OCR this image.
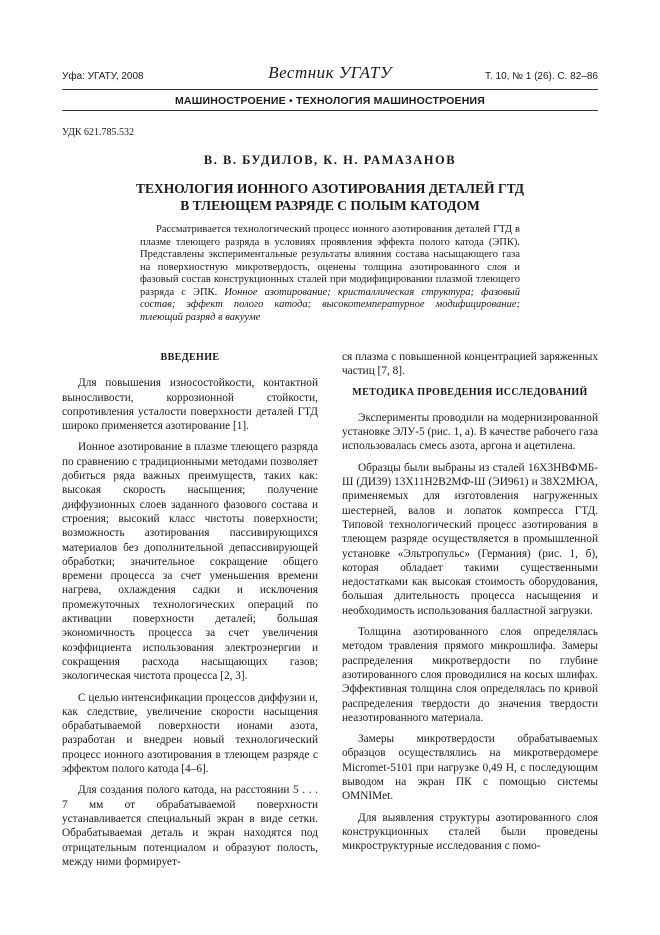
Уфа: УГАТУ, 2008	Вестник УГАТУ	Т. 10, № 1 (26). С. 82–86
МАШИНОСТРОЕНИЕ • ТЕХНОЛОГИЯ МАШИНОСТРОЕНИЯ
УДК 621.785.532
В. В. БУДИЛОВ, К. Н. РАМАЗАНОВ
ТЕХНОЛОГИЯ ИОННОГО АЗОТИРОВАНИЯ ДЕТАЛЕЙ ГТД
В ТЛЕЮЩЕМ РАЗРЯДЕ С ПОЛЫМ КАТОДОМ

Рассматривается технологический процесс ионного азотирования деталей ГТД в плазме тлеющего разряда в условиях проявления эффекта полого катода (ЭПК). Представлены экспериментальные результаты влияния состава насыщающего газа на поверхностную микротвердость, оценены толщина азотированного слоя и фазовый состав конструкционных сталей при модифицировании плазмой тлеющего разряда с ЭПК. Ионное азотирование; кристаллическая структура; фазовый состав; эффект полого катода; высокотемпературное модифицирование; тлеющий разряд в вакууме

ВВЕДЕНИЕ

Для повышения износостойкости, контактной выносливости, коррозионной стойкости, сопротивления усталости поверхности деталей ГТД широко применяется азотирование [1].

Ионное азотирование в плазме тлеющего разряда по сравнению с традиционными методами позволяет добиться ряда важных преимуществ, таких как: высокая скорость насыщения; получение диффузионных слоев заданного фазового состава и строения; высокий класс чистоты поверхности; возможность азотирования пассивирующихся материалов без дополнительной депассивирующей обработки; значительное сокращение общего времени процесса за счет уменьшения времени нагрева, охлаждения садки и исключения промежуточных технологических операций по активации поверхности деталей; большая экономичность процесса за счет увеличения коэффициента использования электроэнергии и сокращения расхода насыщающих газов; экологическая чистота процесса [2, 3].

С целью интенсификации процессов диффузии и, как следствие, увеличение скорости насыщения обрабатываемой поверхности ионами азота, разработан и внедрен новый технологический процесс ионного азотирования в тлеющем разряде с эффектом полого катода [4–6].

Для создания полого катода, на расстоянии 5 . . . 7 мм от обрабатываемой поверхности устанавливается специальный экран в виде сетки. Обрабатываемая деталь и экран находятся под отрицательным потенциалом и образуют полость, между ними формирует-

ся плазма с повышенной концентрацией заряженных частиц [7, 8].

МЕТОДИКА ПРОВЕДЕНИЯ ИССЛЕДОВАНИЙ

Эксперименты проводили на модернизированной установке ЭЛУ-5 (рис. 1, а). В качестве рабочего газа использовалась смесь азота, аргона и ацетилена.

Образцы были выбраны из сталей 16Х3НВФМБ-Ш (ДИ39) 13Х11Н2В2МФ-Ш (ЭИ961) и 38Х2МЮА, применяемых для изготовления нагруженных шестерней, валов и лопаток компресса ГТД. Типовой технологический процесс азотирования в тлеющем разряде осуществляется в промышленной установке «Эльтропульс» (Германия) (рис. 1, б), которая обладает такими существенными недостатками как высокая стоимость оборудования, большая длительность процесса насыщения и необходимость использования балластной загрузки.

Толщина азотированного слоя определялась методом травления прямого микрошлифа. Замеры распределения микротвердости по глубине азотированного слоя проводилися на косых шлифах. Эффективная толщина слоя определялась по кривой распределения твердости до значения твердости неазотированного материала.

Замеры микротвердости обрабатываемых образцов осуществлялись на микротвердомере Micromet-5101 при нагрузке 0,49 Н, с последующим выводом на экран ПК с помощью системы OMNIMet.

Для выявления структуры азотированного слоя конструкционных сталей были проведены микроструктурные исследования с помо-
